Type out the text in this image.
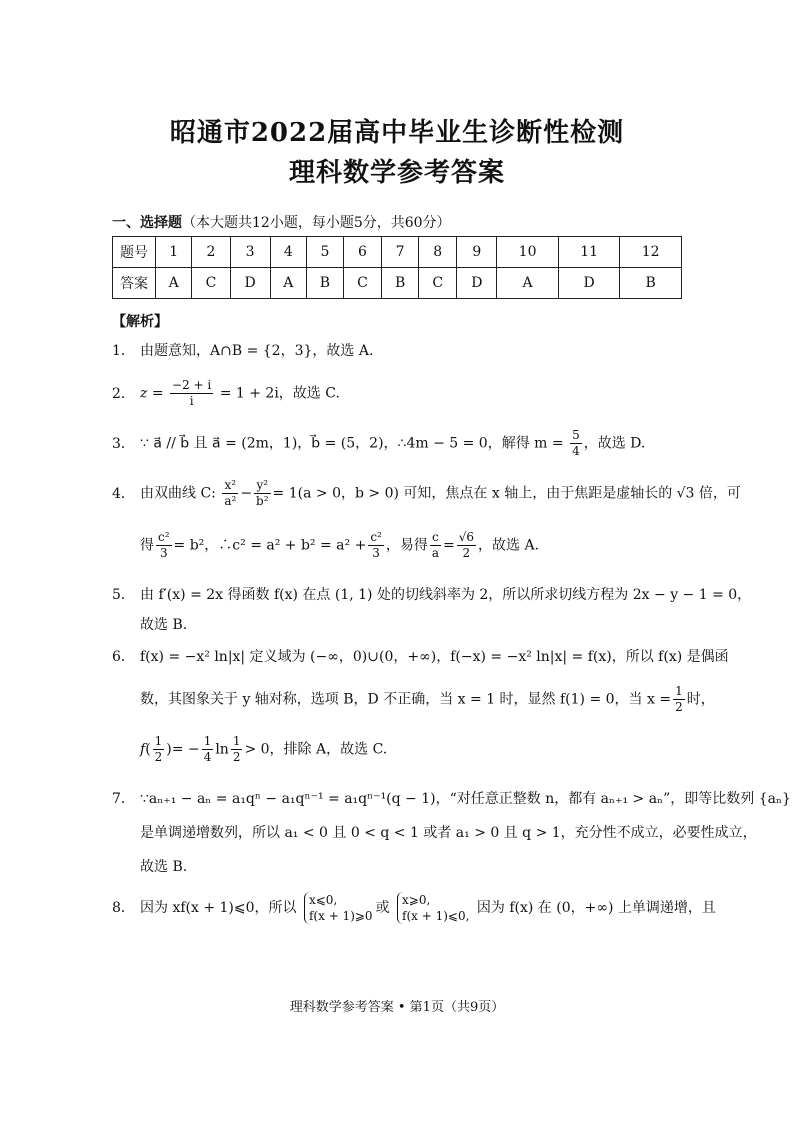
昭通市2022届高中毕业生诊断性检测
理科数学参考答案
一、选择题（本大题共12小题，每小题5分，共60分）
题号	1	2	3	4	5	6	7	8	9	10	11	12
答案	A	C	D	A	B	C	B	C	D	A	D	B
【解析】
1． 由题意知，A∩B = {2，3}，故选 A.
2． $z = \frac{-2 + i}{i} = 1 + 2i$，故选 C.
3． ∵ a⃗ // b⃗ 且 a⃗ = (2m，1)，b⃗ = (5，2)，∴4m − 5 = 0，解得 $m = \frac{5}{4}$ ，故选 D.
4． 由双曲线 C: $\frac{\text{x²}}{\text{a²}} - \frac{\text{y²}}{\text{b²}} = 1(a > 0$，b > 0) 可知，焦点在 x 轴上，由于焦距是虚轴长的 √3 倍，可
得 $\frac{\text{c²}}{3} = b^2$，∴c² = $a^2 + b^2 = a^2 + \frac{\text{c²}}{3}$ ，易得 $\frac{c}{a} = \frac{√6}{2}$ ，故选 A.
5． 由 f′(x) = 2x 得函数 f(x) 在点 (1, 1) 处的切线斜率为 2，所以所求切线方程为 2x − y − 1 = 0，
故选 B.
6． f(x) = −x² ln|x| 定义域为 (−∞，0)∪(0，+∞)，f(−x) = −x² ln|x| = f(x)，所以 f(x) 是偶函
数，其图象关于 y 轴对称，选项 B，D 不正确，当 x = 1 时，显然 f(1) = 0，当 $x = \frac{1}{2}$ 时，
$f( \frac{1}{2}$ )= − $\frac{1}{4}$ $\ln \frac{1}{2} > 0$，排除 A，故选 C.
7． ∵aₙ₊₁ − aₙ = a₁qⁿ − a₁qⁿ⁻¹ = a₁qⁿ⁻¹(q − 1)，“对任意正整数 n，都有 aₙ₊₁ > aₙ”，即等比数列 {aₙ}
是单调递增数列，所以 a₁ < 0 且 0 < q < 1 或者 a₁ > 0 且 q > 1，充分性不成立，必要性成立，
故选 B.
8． 因为 xf(x + 1)⩽0，所以 x⩽0,
f(x + 1)⩾0 或 x⩾0,
f(x + 1)⩽0, 因为 f(x) 在 (0，+∞) 上单调递增，且
理科数学参考答案 • 第1页（共9页）
